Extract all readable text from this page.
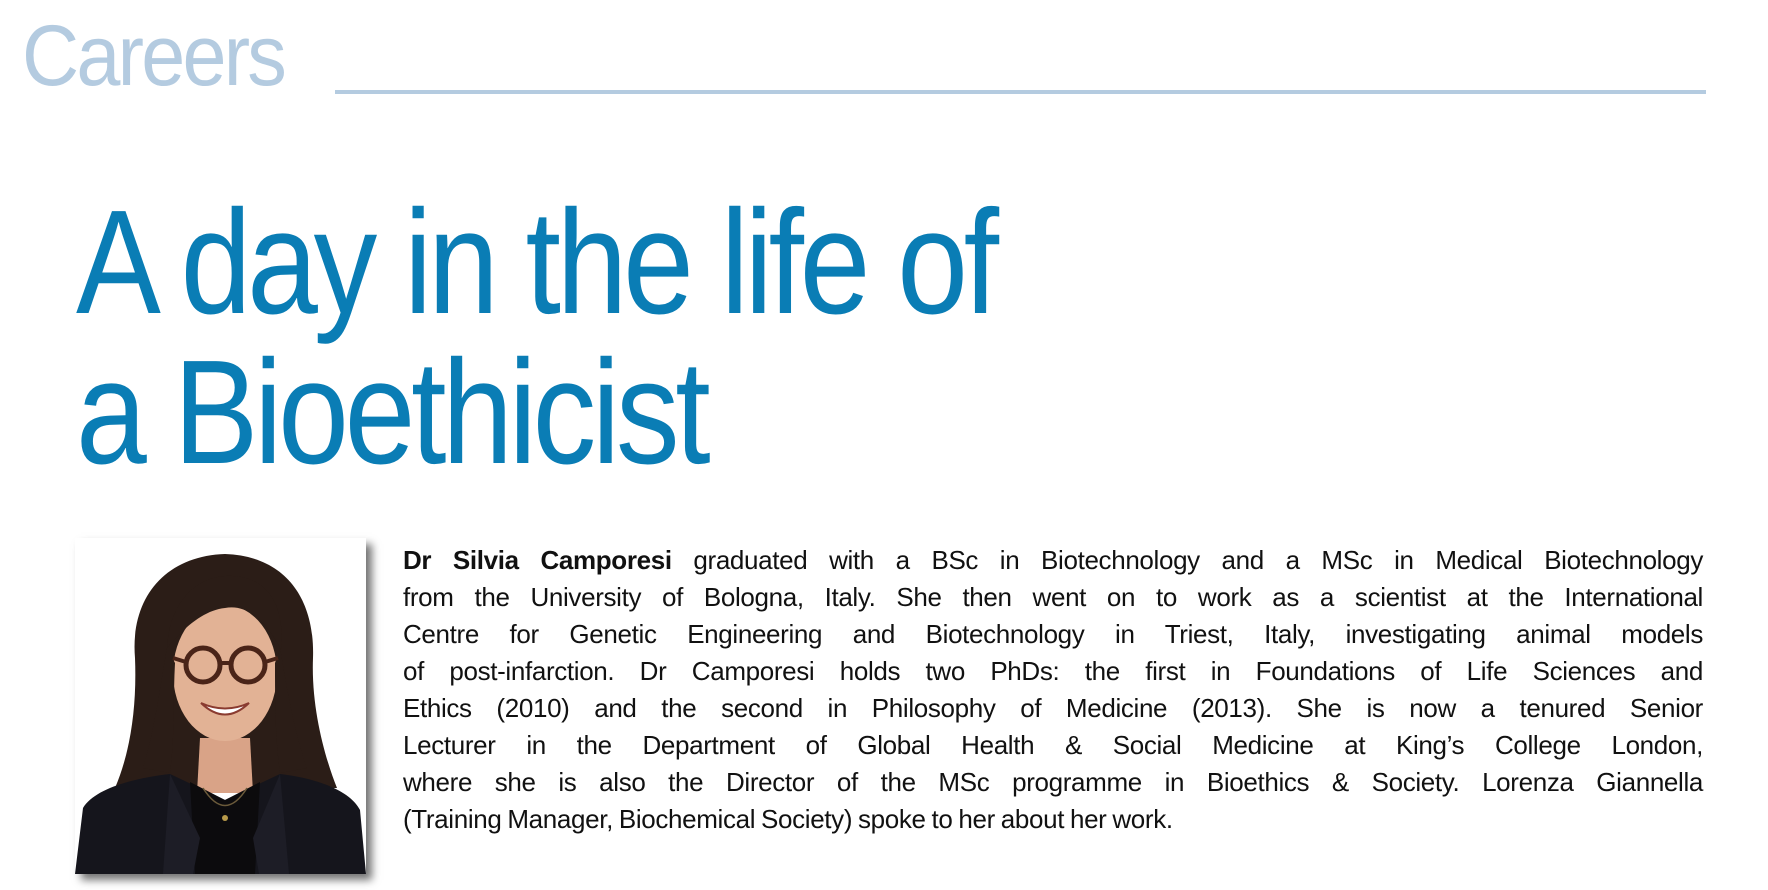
Careers
A day in the life of
a Bioethicist
Dr Silvia Camporesi graduated with a BSc in Biotechnology and a MSc in Medical Biotechnology
from the University of Bologna, Italy. She then went on to work as a scientist at the International
Centre for Genetic Engineering and Biotechnology in Triest, Italy, investigating animal models
of post-infarction. Dr Camporesi holds two PhDs: the first in Foundations of Life Sciences and
Ethics (2010) and the second in Philosophy of Medicine (2013). She is now a tenured Senior
Lecturer in the Department of Global Health & Social Medicine at King’s College London,
where she is also the Director of the MSc programme in Bioethics & Society. Lorenza Giannella
(Training Manager, Biochemical Society) spoke to her about her work.
